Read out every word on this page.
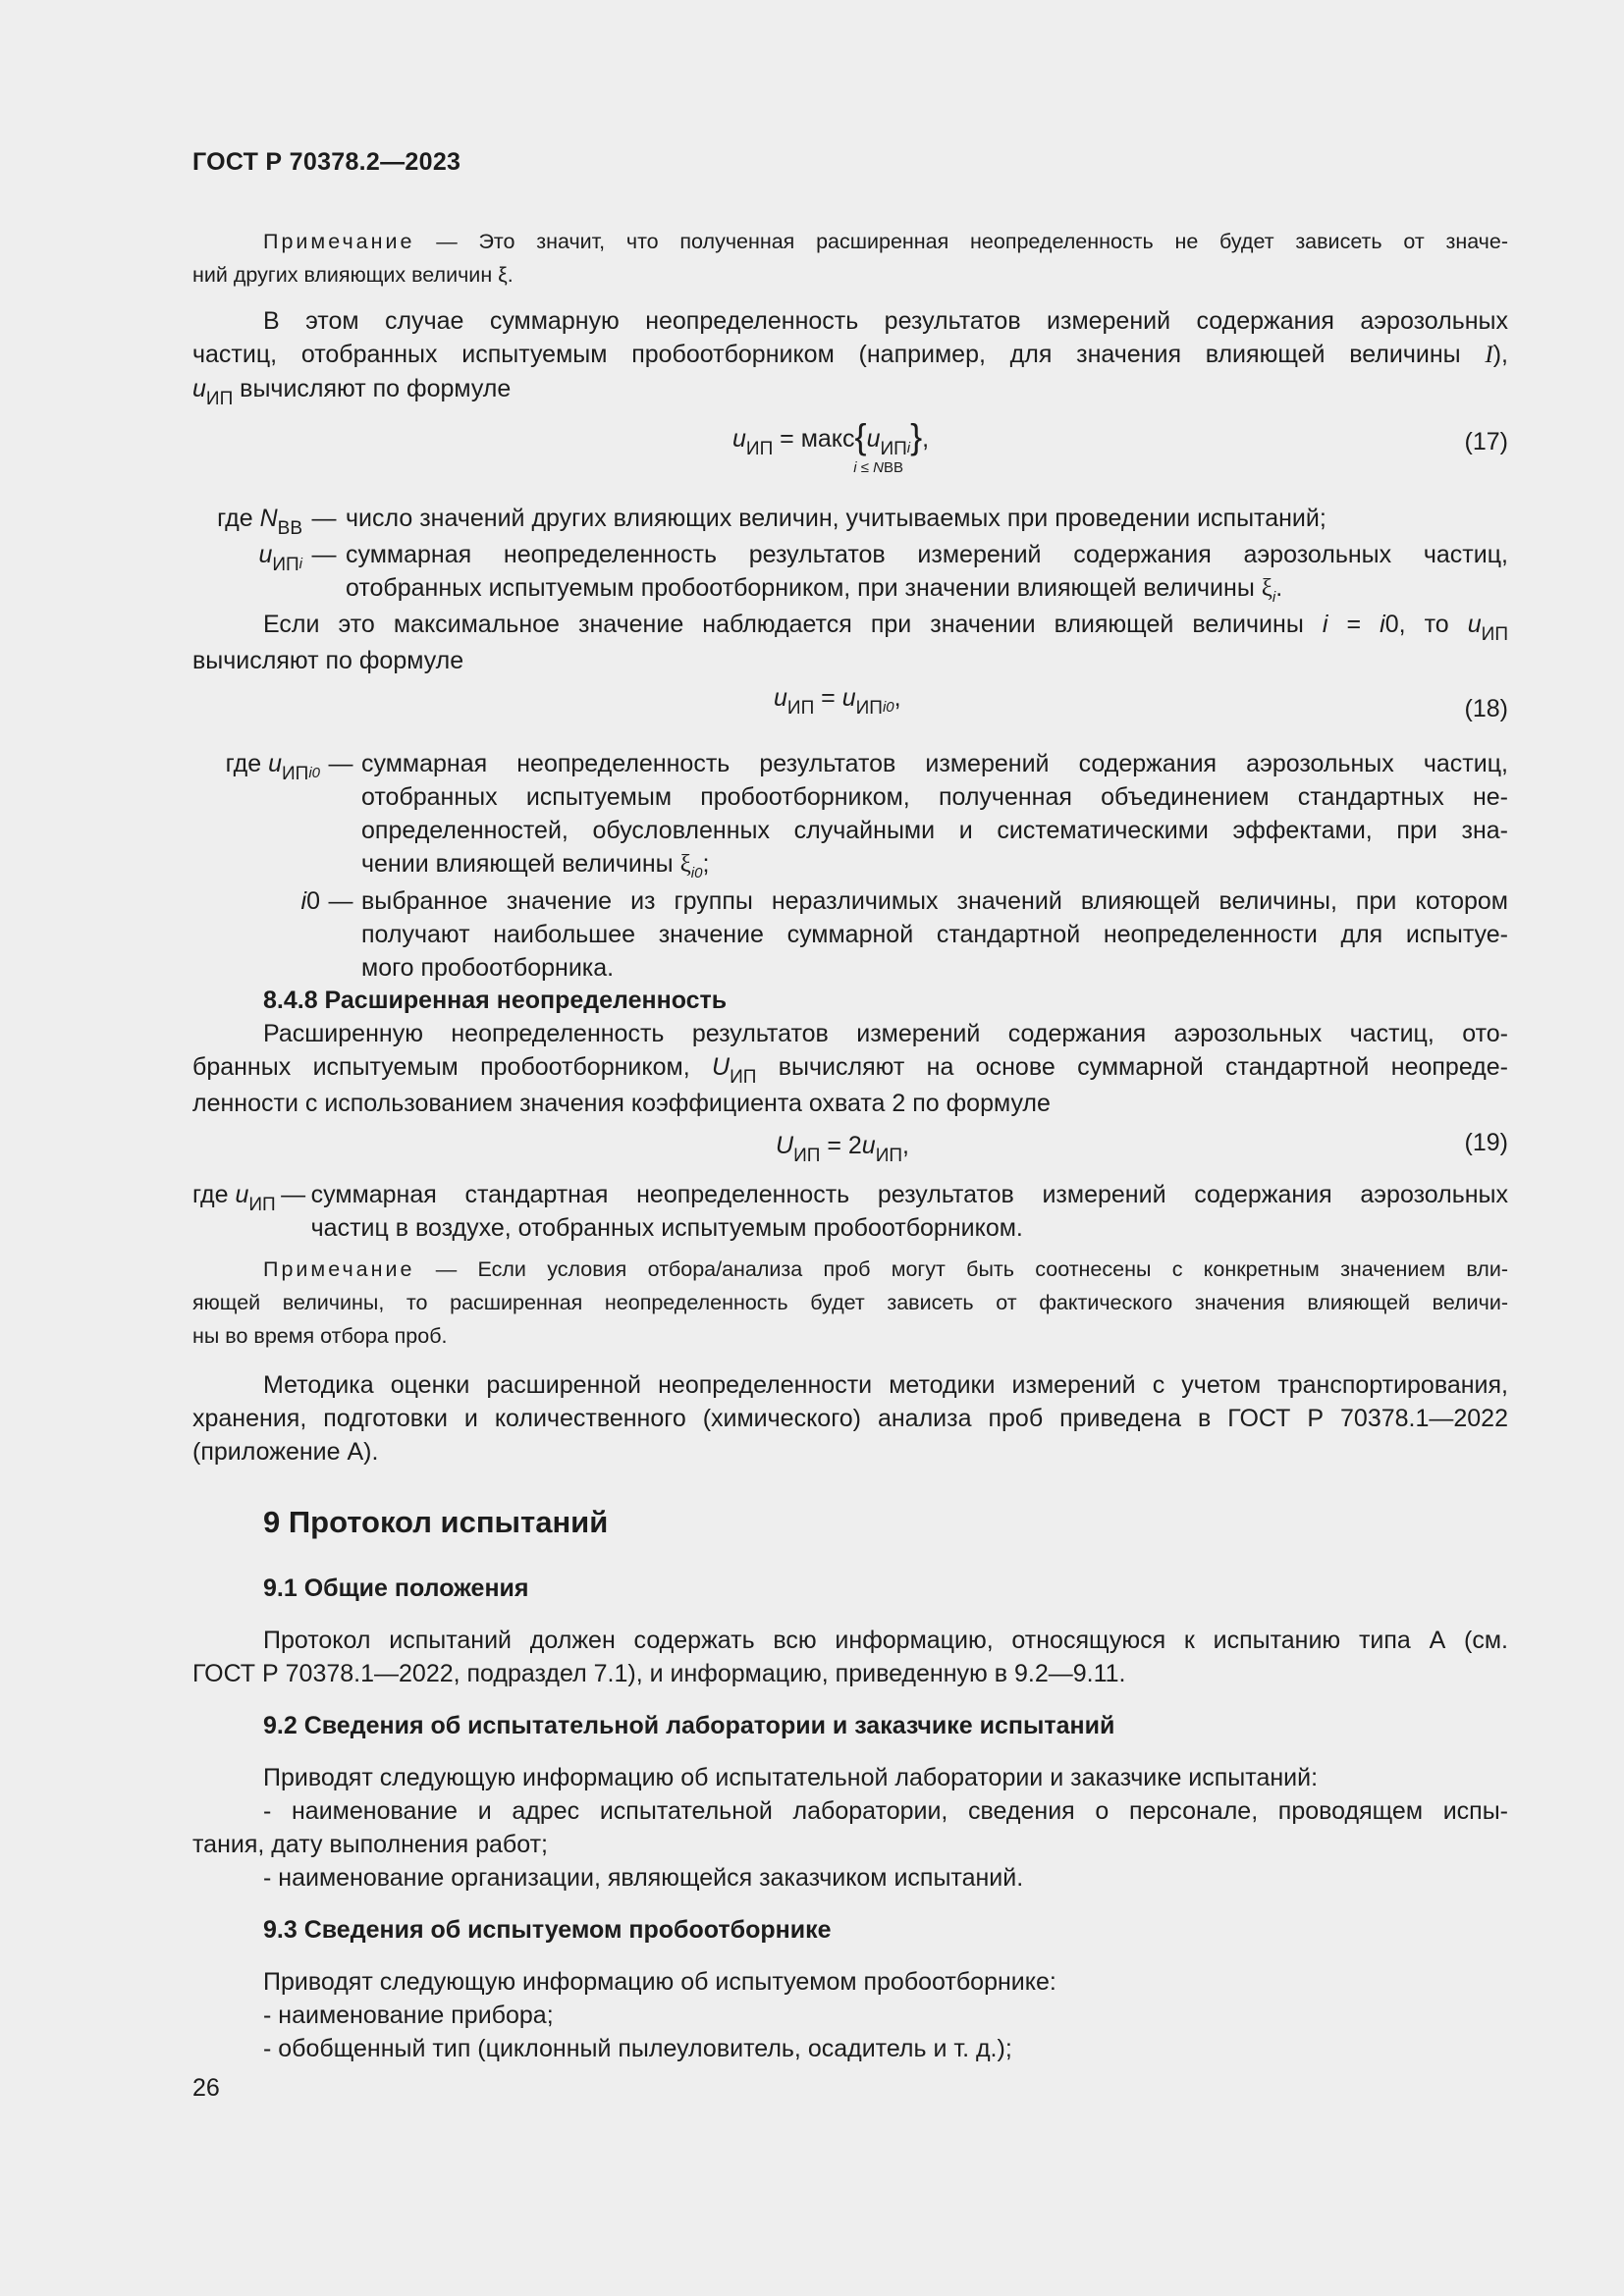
ГОСТ Р 70378.2—2023
Примечание — Это значит, что полученная расширенная неопределенность не будет зависеть от значе-
ний других влияющих величин ξ.
В этом случае суммарную неопределенность результатов измерений содержания аэрозольных
частиц, отобранных испытуемым пробоотборником (например, для значения влияющей величины I),
$u_{ИП}$ вычисляют по формуле
$u_{ИП}$ = макс
i ≤ NВВ
$\{u_{ИПi}\}$,	(17)
где $N_{ВВ}$ — число значений других влияющих величин, учитываемых при проведении испытаний;
$u_{ИПi}$ — суммарная неопределенность результатов измерений содержания аэрозольных частиц,
отобранных испытуемым пробоотборником, при значении влияющей величины $\xi_i$.
Если это максимальное значение наблюдается при значении влияющей величины i = i0, то $u_{ИП}$
вычисляют по формуле
$u_{ИП} = u_{ИПi0}$,	(18)
где $u_{ИПi0}$ — суммарная неопределенность результатов измерений содержания аэрозольных частиц,
отобранных испытуемым пробоотборником, полученная объединением стандартных не-
определенностей, обусловленных случайными и систематическими эффектами, при зна-
чении влияющей величины $\xi_{i0}$;
i0 — выбранное значение из группы неразличимых значений влияющей величины, при котором
получают наибольшее значение суммарной стандартной неопределенности для испытуе-
мого пробоотборника.
8.4.8 Расширенная неопределенность
Расширенную неопределенность результатов измерений содержания аэрозольных частиц, ото-
бранных испытуемым пробоотборником, $U_{ИП}$ вычисляют на основе суммарной стандартной неопреде-
ленности с использованием значения коэффициента охвата 2 по формуле
$U_{ИП} = 2u_{ИП}$,	(19)
где $u_{ИП}$ — суммарная стандартная неопределенность результатов измерений содержания аэрозольных
частиц в воздухе, отобранных испытуемым пробоотборником.
Примечание — Если условия отбора/анализа проб могут быть соотнесены с конкретным значением вли-
яющей величины, то расширенная неопределенность будет зависеть от фактического значения влияющей величи-
ны во время отбора проб.
Методика оценки расширенной неопределенности методики измерений с учетом транспортирования,
хранения, подготовки и количественного (химического) анализа проб приведена в ГОСТ Р 70378.1—2022
(приложение А).
9 Протокол испытаний
9.1 Общие положения
Протокол испытаний должен содержать всю информацию, относящуюся к испытанию типа А (см.
ГОСТ Р 70378.1—2022, подраздел 7.1), и информацию, приведенную в 9.2—9.11.
9.2 Сведения об испытательной лаборатории и заказчике испытаний
Приводят следующую информацию об испытательной лаборатории и заказчике испытаний:
- наименование и адрес испытательной лаборатории, сведения о персонале, проводящем испы-
тания, дату выполнения работ;
- наименование организации, являющейся заказчиком испытаний.
9.3 Сведения об испытуемом пробоотборнике
Приводят следующую информацию об испытуемом пробоотборнике:
- наименование прибора;
- обобщенный тип (циклонный пылеуловитель, осадитель и т. д.);
26
